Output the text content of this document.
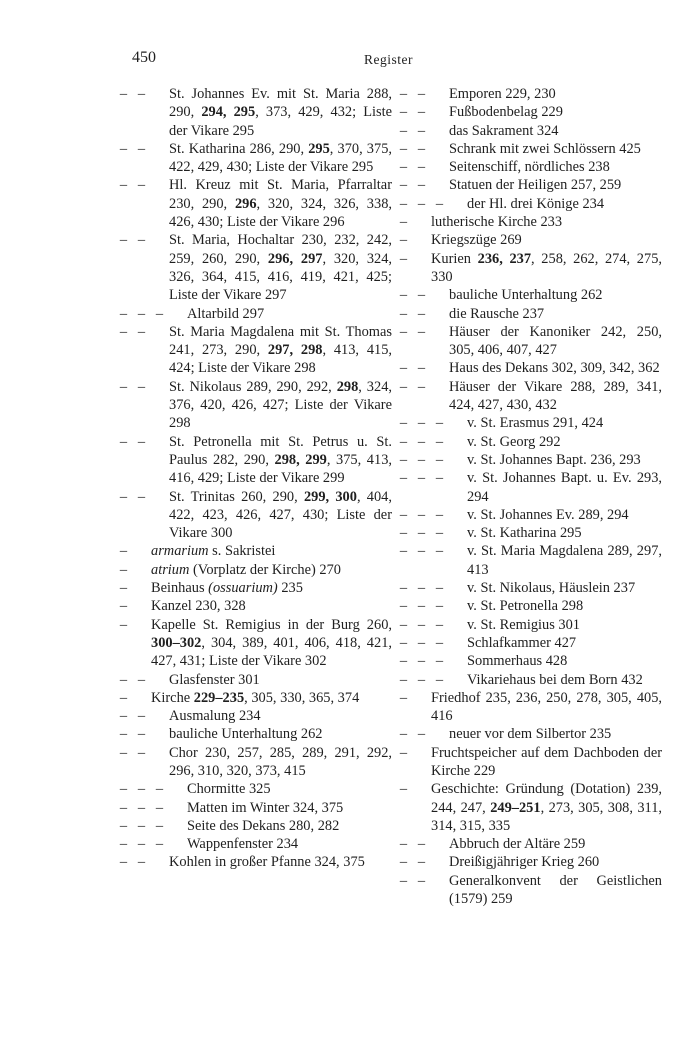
450	Register
– – St. Johannes Ev. mit St. Maria 288, 290, 294, 295, 373, 429, 432; Liste der Vikare 295
– – St. Katharina 286, 290, 295, 370, 375, 422, 429, 430; Liste der Vikare 295
– – Hl. Kreuz mit St. Maria, Pfarraltar 230, 290, 296, 320, 324, 326, 338, 426, 430; Liste der Vikare 296
– – St. Maria, Hochaltar 230, 232, 242, 259, 260, 290, 296, 297, 320, 324, 326, 364, 415, 416, 419, 421, 425; Liste der Vikare 297
– – – Altarbild 297
– – St. Maria Magdalena mit St. Thomas 241, 273, 290, 297, 298, 413, 415, 424; Liste der Vikare 298
– – St. Nikolaus 289, 290, 292, 298, 324, 376, 420, 426, 427; Liste der Vikare 298
– – St. Petronella mit St. Petrus u. St. Paulus 282, 290, 298, 299, 375, 413, 416, 429; Liste der Vikare 299
– – St. Trinitas 260, 290, 299, 300, 404, 422, 423, 426, 427, 430; Liste der Vikare 300
– armarium s. Sakristei
– atrium (Vorplatz der Kirche) 270
– Beinhaus (ossuarium) 235
– Kanzel 230, 328
– Kapelle St. Remigius in der Burg 260, 300–302, 304, 389, 401, 406, 418, 421, 427, 431; Liste der Vikare 302
– – Glasfenster 301
– Kirche 229–235, 305, 330, 365, 374
– – Ausmalung 234
– – bauliche Unterhaltung 262
– – Chor 230, 257, 285, 289, 291, 292, 296, 310, 320, 373, 415
– – – Chormitte 325
– – – Matten im Winter 324, 375
– – – Seite des Dekans 280, 282
– – – Wappenfenster 234
– – Kohlen in großer Pfanne 324, 375
– – Emporen 229, 230
– – Fußbodenbelag 229
– – das Sakrament 324
– – Schrank mit zwei Schlössern 425
– – Seitenschiff, nördliches 238
– – Statuen der Heiligen 257, 259
– – – der Hl. drei Könige 234
– lutherische Kirche 233
– Kriegszüge 269
– Kurien 236, 237, 258, 262, 274, 275, 330
– – bauliche Unterhaltung 262
– – die Rausche 237
– – Häuser der Kanoniker 242, 250, 305, 406, 407, 427
– – Haus des Dekans 302, 309, 342, 362
– – Häuser der Vikare 288, 289, 341, 424, 427, 430, 432
– – – v. St. Erasmus 291, 424
– – – v. St. Georg 292
– – – v. St. Johannes Bapt. 236, 293
– – – v. St. Johannes Bapt. u. Ev. 293, 294
– – – v. St. Johannes Ev. 289, 294
– – – v. St. Katharina 295
– – – v. St. Maria Magdalena 289, 297, 413
– – – v. St. Nikolaus, Häuslein 237
– – – v. St. Petronella 298
– – – v. St. Remigius 301
– – – Schlafkammer 427
– – – Sommerhaus 428
– – – Vikariehaus bei dem Born 432
– Friedhof 235, 236, 250, 278, 305, 405, 416
– – neuer vor dem Silbertor 235
– Fruchtspeicher auf dem Dachboden der Kirche 229
– Geschichte: Gründung (Dotation) 239, 244, 247, 249–251, 273, 305, 308, 311, 314, 315, 335
– – Abbruch der Altäre 259
– – Dreißigjähriger Krieg 260
– – Generalkonvent der Geistlichen (1579) 259
